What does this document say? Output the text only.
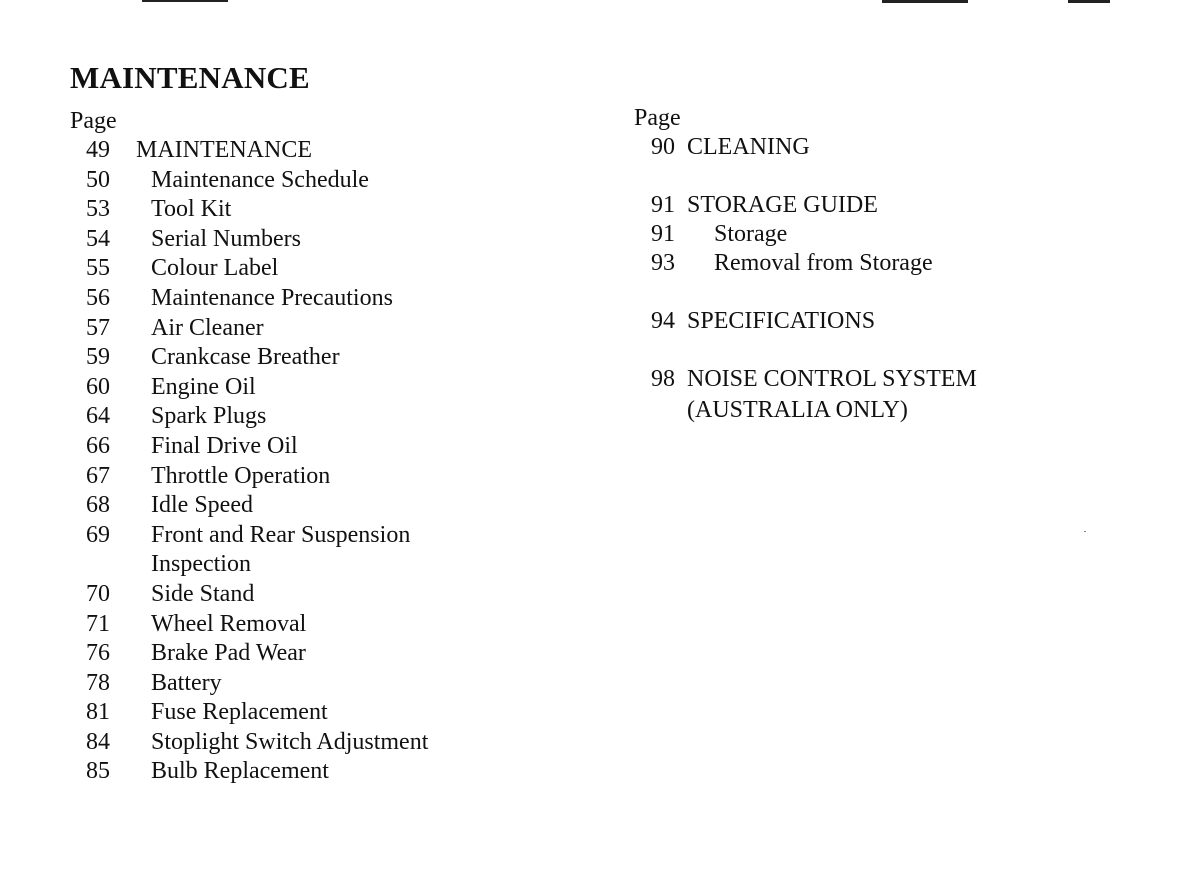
MAINTENANCE
Page
49	MAINTENANCE
50	Maintenance Schedule
53	Tool Kit
54	Serial Numbers
55	Colour Label
56	Maintenance Precautions
57	Air Cleaner
59	Crankcase Breather
60	Engine Oil
64	Spark Plugs
66	Final Drive Oil
67	Throttle Operation
68	Idle Speed
69	Front and Rear Suspension
Inspection
70	Side Stand
71	Wheel Removal
76	Brake Pad Wear
78	Battery
81	Fuse Replacement
84	Stoplight Switch Adjustment
85	Bulb Replacement
Page
90 CLEANING
91 STORAGE GUIDE
91	Storage
93	Removal from Storage
94 SPECIFICATIONS
98 NOISE CONTROL SYSTEM
(AUSTRALIA ONLY)
